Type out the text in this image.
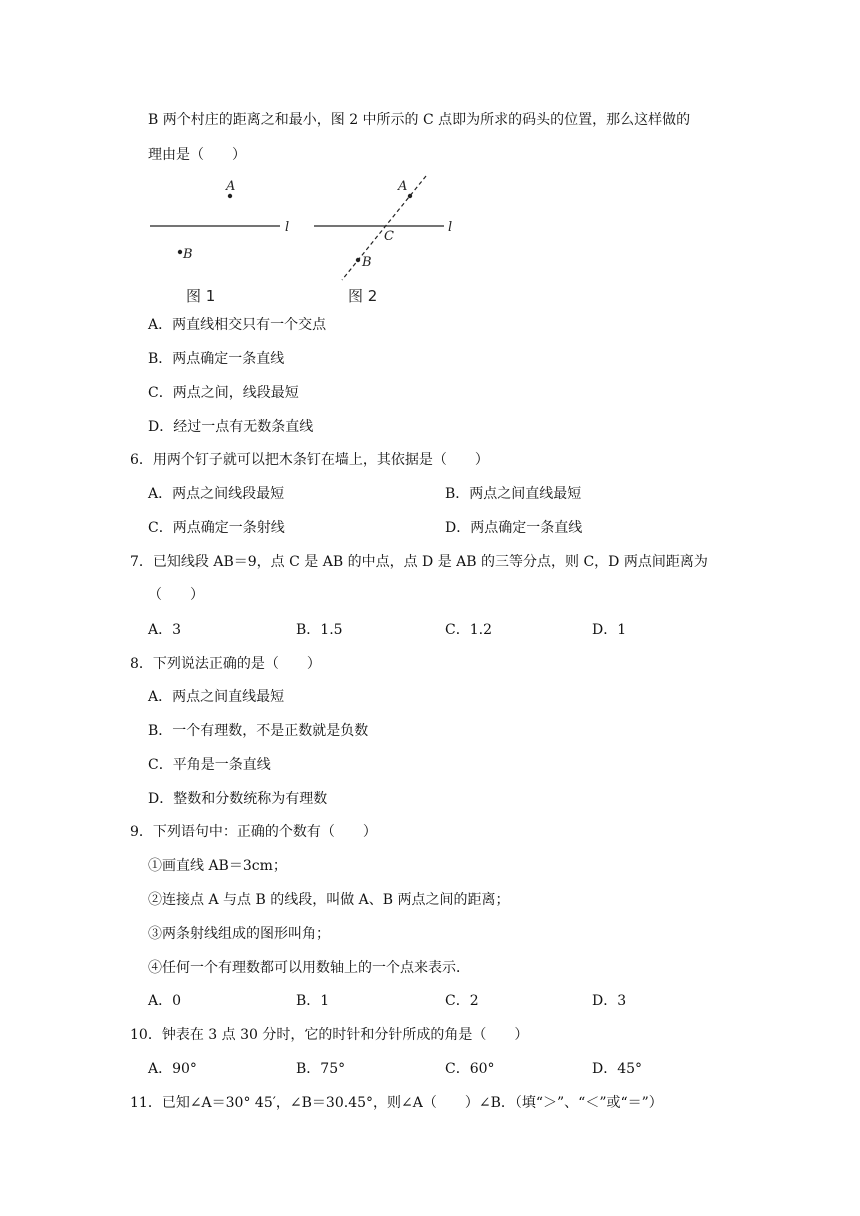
B 两个村庄的距离之和最小，图 2 中所示的 C 点即为所求的码头的位置，那么这样做的
理由是（　　）
A
B
l
图 1
A
C
B
l
图 2
A．两直线相交只有一个交点
B．两点确定一条直线
C．两点之间，线段最短
D．经过一点有无数条直线
6．用两个钉子就可以把木条钉在墙上，其依据是（　　）
A．两点之间线段最短	B．两点之间直线最短
C．两点确定一条射线	D．两点确定一条直线
7．已知线段 AB＝9，点 C 是 AB 的中点，点 D 是 AB 的三等分点，则 C，D 两点间距离为
（　　）
A．3	B．1.5	C．1.2	D．1
8．下列说法正确的是（　　）
A．两点之间直线最短
B．一个有理数，不是正数就是负数
C．平角是一条直线
D．整数和分数统称为有理数
9．下列语句中：正确的个数有（　　）
①画直线 AB＝3cm；
②连接点 A 与点 B 的线段，叫做 A、B 两点之间的距离；
③两条射线组成的图形叫角；
④任何一个有理数都可以用数轴上的一个点来表示．
A．0	B．1	C．2	D．3
10．钟表在 3 点 30 分时，它的时针和分针所成的角是（　　）
A．90°	B．75°	C．60°	D．45°
11．已知∠A＝30° 45′，∠B＝30.45°，则∠A（　　）∠B．（填“＞”、“＜”或“＝”）
